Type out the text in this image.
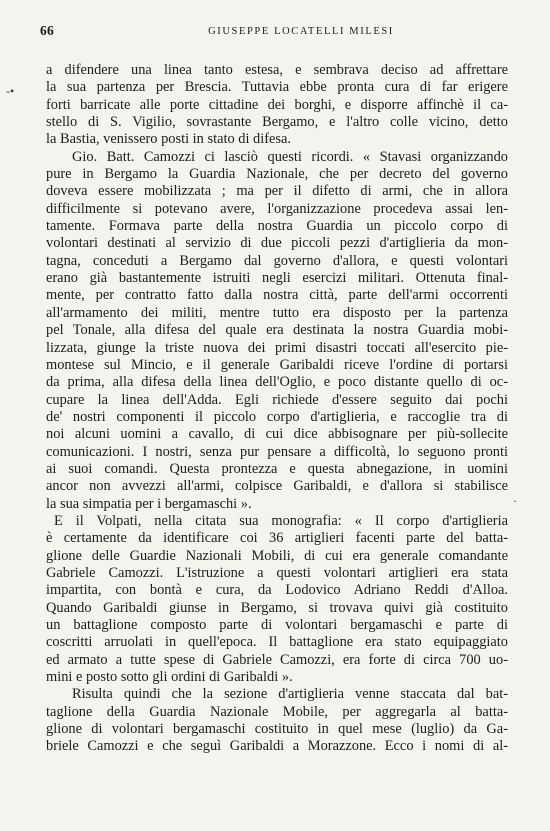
66	GIUSEPPE LOCATELLI MILESI
-•
·
a difendere una linea tanto estesa, e sembrava deciso ad affrettare
la sua partenza per Brescia. Tuttavia ebbe pronta cura di far erigere
forti barricate alle porte cittadine dei borghi, e disporre affinchè il ca-
stello di S. Vigilio, sovrastante Bergamo, e l'altro colle vicino, detto
la Bastia, venissero posti in stato di difesa.
Gio. Batt. Camozzi ci lasciò questi ricordi. « Stavasi organizzando
pure in Bergamo la Guardia Nazionale, che per decreto del governo
doveva essere mobilizzata ; ma per il difetto di armi, che in allora
difficilmente si potevano avere, l'organizzazione procedeva assai len-
tamente. Formava parte della nostra Guardia un piccolo corpo di
volontari destinati al servizio di due piccoli pezzi d'artiglieria da mon-
tagna, conceduti a Bergamo dal governo d'allora, e questi volontari
erano già bastantemente istruiti negli esercizi militari. Ottenuta final-
mente, per contratto fatto dalla nostra città, parte dell'armi occorrenti
all'armamento dei militi, mentre tutto era disposto per la partenza
pel Tonale, alla difesa del quale era destinata la nostra Guardia mobi-
lizzata, giunge la triste nuova dei primi disastri toccati all'esercito pie-
montese sul Mincio, e il generale Garibaldi riceve l'ordine di portarsi
da prima, alla difesa della linea dell'Oglio, e poco distante quello di oc-
cupare la linea dell'Adda. Egli richiede d'essere seguito dai pochi
de' nostri componenti il piccolo corpo d'artiglieria, e raccoglie tra di
noi alcuni uomini a cavallo, di cui dice abbisognare per più-sollecite
comunicazioni. I nostri, senza pur pensare a difficoltà, lo seguono pronti
ai suoi comandi. Questa prontezza e questa abnegazione, in uomini
ancor non avvezzi all'armi, colpisce Garibaldi, e d'allora si stabilisce
la sua simpatia per i bergamaschi ».
E il Volpati, nella citata sua monografia: « Il corpo d'artiglieria
è certamente da identificare coi 36 artiglieri facenti parte del batta-
glione delle Guardie Nazionali Mobili, di cui era generale comandante
Gabriele Camozzi. L'istruzione a questi volontari artiglieri era stata
impartita, con bontà e cura, da Lodovico Adriano Reddi d'Alloa.
Quando Garibaldi giunse in Bergamo, si trovava quivi già costituito
un battaglione composto parte di volontari bergamaschi e parte di
coscritti arruolati in quell'epoca. Il battaglione era stato equipaggiato
ed armato a tutte spese di Gabriele Camozzi, era forte di circa 700 uo-
mini e posto sotto gli ordini di Garibaldi ».
Risulta quindi che la sezione d'artiglieria venne staccata dal bat-
taglione della Guardia Nazionale Mobile, per aggregarla al batta-
glione di volontari bergamaschi costituito in quel mese (luglio) da Ga-
briele Camozzi e che seguì Garibaldi a Morazzone. Ecco i nomi di al-
